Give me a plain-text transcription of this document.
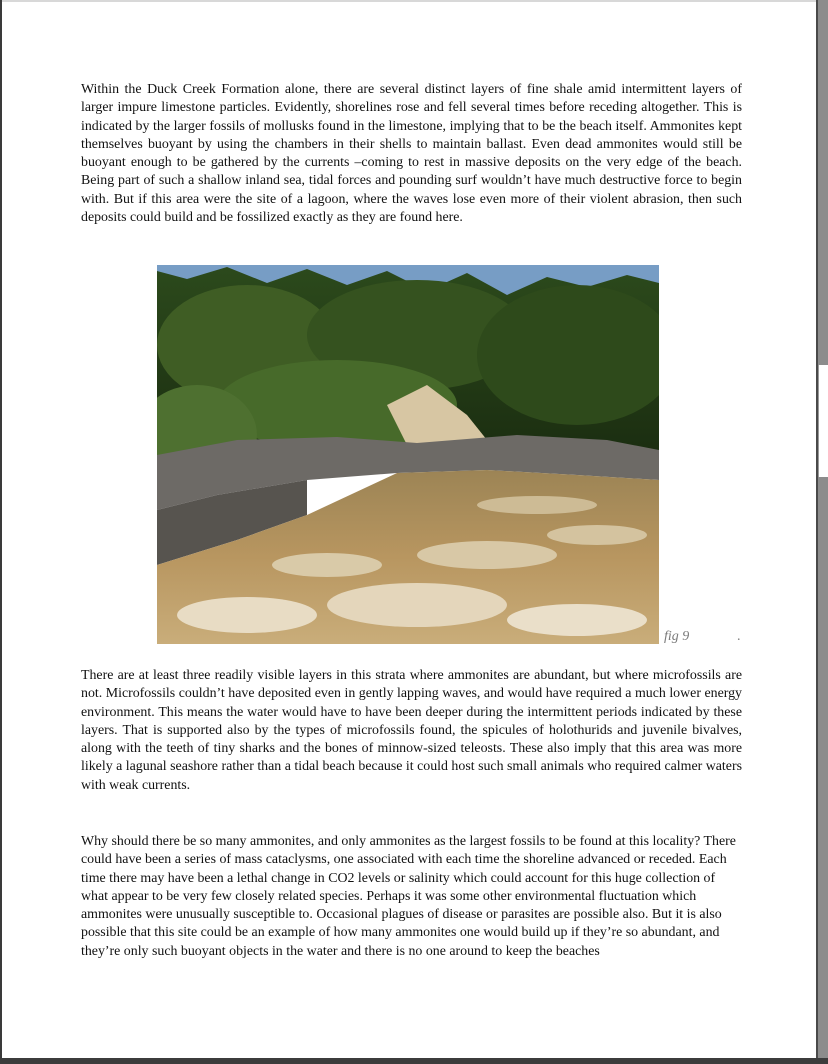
Within the Duck Creek Formation alone, there are several distinct layers of fine shale amid intermittent layers of larger impure limestone particles. Evidently, shorelines rose and fell several times before receding altogether. This is indicated by the larger fossils of mollusks found in the limestone, implying that to be the beach itself. Ammonites kept themselves buoyant by using the chambers in their shells to maintain ballast. Even dead ammonites would still be buoyant enough to be gathered by the currents –coming to rest in massive deposits on the very edge of the beach. Being part of such a shallow inland sea, tidal forces and pounding surf wouldn’t have much destructive force to begin with. But if this area were the site of a lagoon, where the waves lose even more of their violent abrasion, then such deposits could build and be fossilized exactly as they are found here.

fig 9	.

There are at least three readily visible layers in this strata where ammonites are abundant, but where microfossils are not. Microfossils couldn’t have deposited even in gently lapping waves, and would have required a much lower energy environment. This means the water would have to have been deeper during the intermittent periods indicated by these layers. That is supported also by the types of microfossils found, the spicules of holothurids and juvenile bivalves, along with the teeth of tiny sharks and the bones of minnow-sized teleosts. These also imply that this area was more likely a lagunal seashore rather than a tidal beach because it could host such small animals who required calmer waters with weak currents.

Why should there be so many ammonites, and only ammonites as the largest fossils to be found at this locality? There could have been a series of mass cataclysms, one associated with each time the shoreline advanced or receded. Each time there may have been a lethal change in CO2 levels or salinity which could account for this huge collection of what appear to be very few closely related species. Perhaps it was some other environmental fluctuation which ammonites were unusually susceptible to. Occasional plagues of disease or parasites are possible also. But it is also possible that this site could be an example of how many ammonites one would build up if they’re so abundant, and they’re only such buoyant objects in the water and there is no one around to keep the beaches
